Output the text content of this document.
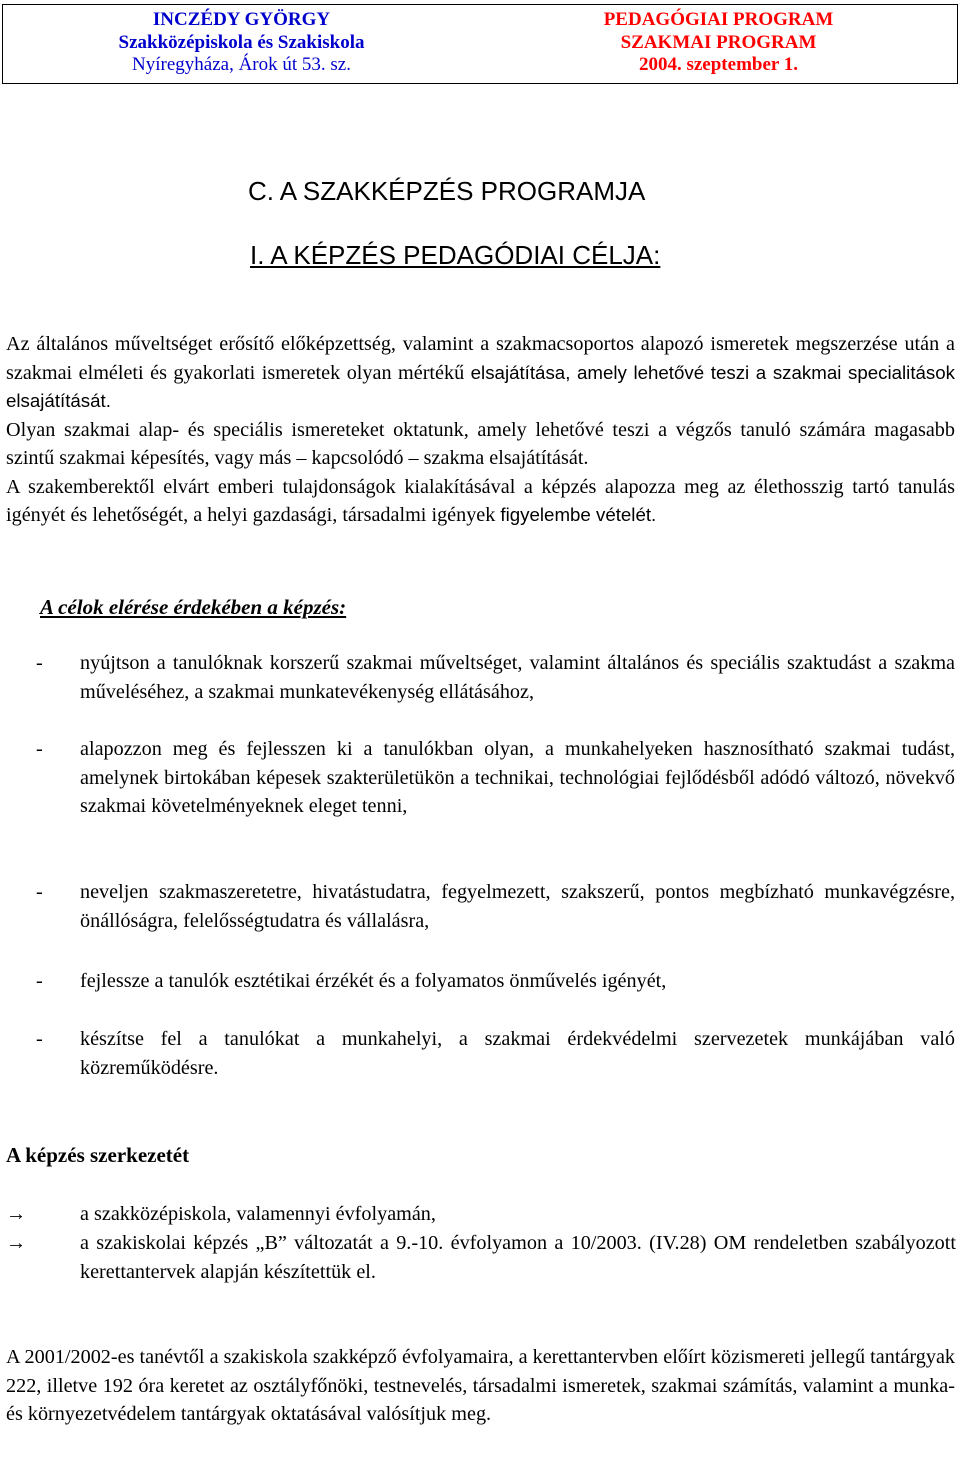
INCZÉDY GYÖRGY
Szakközépiskola és Szakiskola
Nyíregyháza, Árok út 53. sz.
PEDAGÓGIAI PROGRAM
SZAKMAI PROGRAM
2004. szeptember 1.
C. A SZAKKÉPZÉS PROGRAMJA
I. A KÉPZÉS PEDAGÓDIAI CÉLJA:

Az általános műveltséget erősítő előképzettség, valamint a szakmacsoportos alapozó ismeretek megszerzése után a szakmai elméleti és gyakorlati ismeretek olyan mértékű elsajátítása, amely lehetővé teszi a szakmai specialitások elsajátítását.

Olyan szakmai alap- és speciális ismereteket oktatunk, amely lehetővé teszi a végzős tanuló számára magasabb szintű szakmai képesítés, vagy más – kapcsolódó – szakma elsajátítását.

A szakemberektől elvárt emberi tulajdonságok kialakításával a képzés alapozza meg az élethosszig tartó tanulás igényét és lehetőségét, a helyi gazdasági, társadalmi igények figyelembe vételét.

A célok elérése érdekében a képzés:
- nyújtson a tanulóknak korszerű szakmai műveltséget, valamint általános és speciális szaktudást a szakma műveléséhez, a szakmai munkatevékenység ellátásához,
- alapozzon meg és fejlesszen ki a tanulókban olyan, a munkahelyeken hasznosítható szakmai tudást, amelynek birtokában képesek szakterületükön a technikai, technológiai fejlődésből adódó változó, növekvő szakmai követelményeknek eleget tenni,
- neveljen szakmaszeretetre, hivatástudatra, fegyelmezett, szakszerű, pontos megbízható munkavégzésre, önállóságra, felelősségtudatra és vállalásra,
- fejlessze a tanulók esztétikai érzékét és a folyamatos önművelés igényét,
- készítse fel a tanulókat a munkahelyi, a szakmai érdekvédelmi szervezetek munkájában való közreműködésre.
A képzés szerkezetét
→	a szakközépiskola, valamennyi évfolyamán,
→	a szakiskolai képzés „B” változatát a 9.-10. évfolyamon a 10/2003. (IV.28) OM rendeletben szabályozott kerettantervek alapján készítettük el.

A 2001/2002-es tanévtől a szakiskola szakképző évfolyamaira, a kerettantervben előírt közismereti jellegű tantárgyak 222, illetve 192 óra keretet az osztályfőnöki, testnevelés, társadalmi ismeretek, szakmai számítás, valamint a munka- és környezetvédelem tantárgyak oktatásával valósítjuk meg.
